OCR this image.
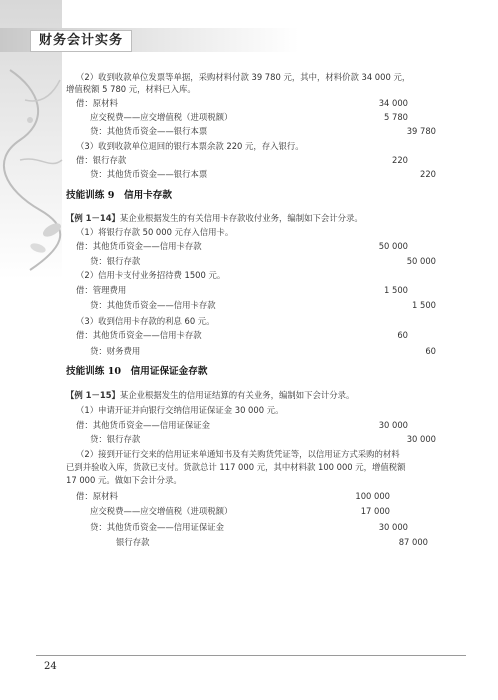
财务会计实务
（2）收到收款单位发票等单据，采购材料付款 39 780 元，其中，材料价款 34 000 元，
增值税额 5 780 元，材料已入库。
借：原材料	34 000
应交税费——应交增值税（进项税额）	5 780
贷：其他货币资金——银行本票	39 780
（3）收到收款单位退回的银行本票余款 220 元，存入银行。
借：银行存款	220
贷：其他货币资金——银行本票	220
技能训练 9　信用卡存款
【例 1－14】某企业根据发生的有关信用卡存款收付业务，编制如下会计分录。
（1）将银行存款 50 000 元存入信用卡。
借：其他货币资金——信用卡存款	50 000
贷：银行存款	50 000
（2）信用卡支付业务招待费 1500 元。
借：管理费用	1 500
贷：其他货币资金——信用卡存款	1 500
（3）收到信用卡存款的利息 60 元。
借：其他货币资金——信用卡存款	60
贷：财务费用	60
技能训练 10　信用证保证金存款
【例 1－15】某企业根据发生的信用证结算的有关业务，编制如下会计分录。
（1）申请开证并向银行交纳信用证保证金 30 000 元。
借：其他货币资金——信用证保证金	30 000
贷：银行存款	30 000
（2）接到开证行交来的信用证来单通知书及有关购货凭证等，以信用证方式采购的材料
已到并验收入库，货款已支付。货款总计 117 000 元，其中材料款 100 000 元，增值税额
17 000 元。做如下会计分录。
借：原材料	100 000
应交税费——应交增值税（进项税额）	17 000
贷：其他货币资金——信用证保证金	30 000
银行存款	87 000
24
